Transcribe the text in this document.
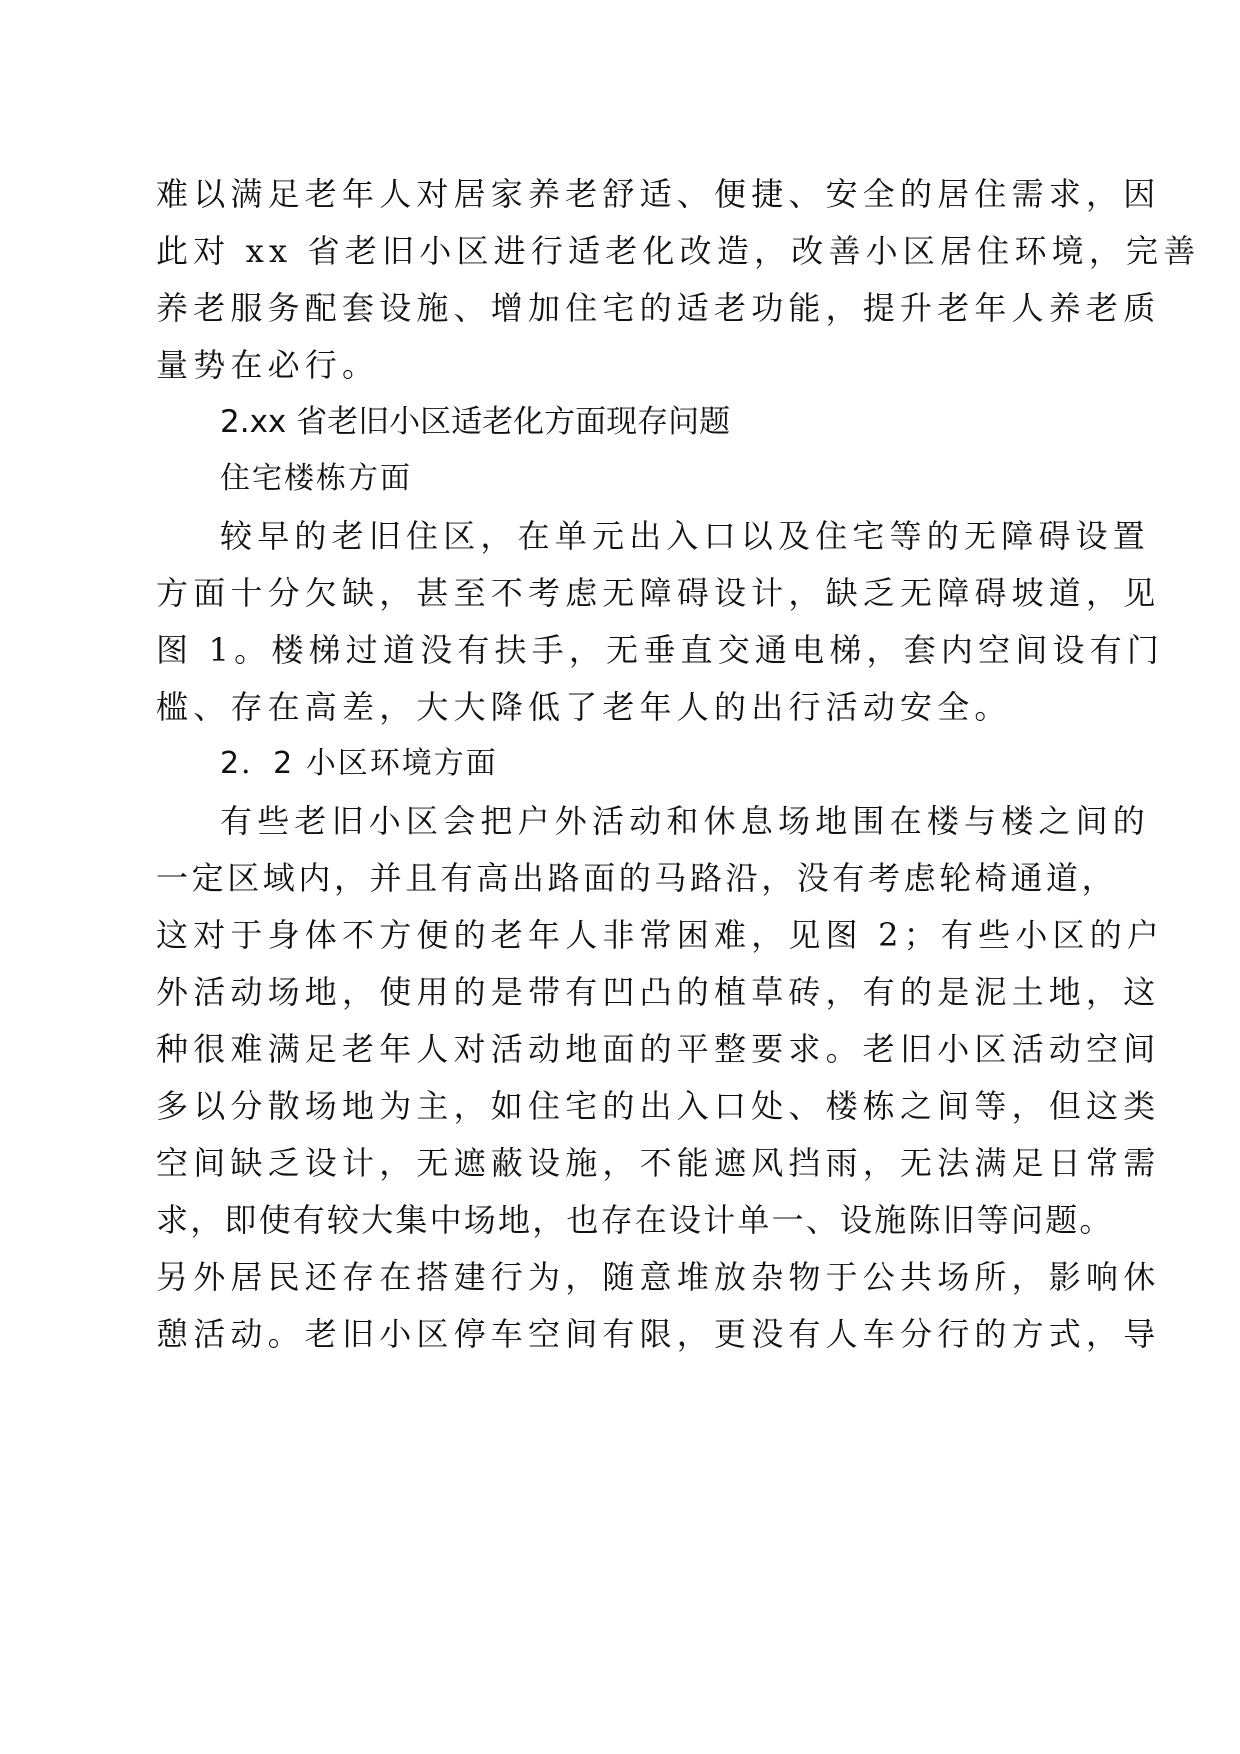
难以满足老年人对居家养老舒适、便捷、安全的居住需求，因
此对 xx 省老旧小区进行适老化改造，改善小区居住环境，完善
养老服务配套设施、增加住宅的适老功能，提升老年人养老质
量势在必行。
2.xx 省老旧小区适老化方面现存问题
住宅楼栋方面
较早的老旧住区，在单元出入口以及住宅等的无障碍设置
方面十分欠缺，甚至不考虑无障碍设计，缺乏无障碍坡道，见
图 1。楼梯过道没有扶手，无垂直交通电梯，套内空间设有门
槛、存在高差，大大降低了老年人的出行活动安全。
2．2 小区环境方面
有些老旧小区会把户外活动和休息场地围在楼与楼之间的
一定区域内，并且有高出路面的马路沿，没有考虑轮椅通道，
这对于身体不方便的老年人非常困难，见图 2；有些小区的户
外活动场地，使用的是带有凹凸的植草砖，有的是泥土地，这
种很难满足老年人对活动地面的平整要求。老旧小区活动空间
多以分散场地为主，如住宅的出入口处、楼栋之间等，但这类
空间缺乏设计，无遮蔽设施，不能遮风挡雨，无法满足日常需
求，即使有较大集中场地，也存在设计单一、设施陈旧等问题。
另外居民还存在搭建行为，随意堆放杂物于公共场所，影响休
憩活动。老旧小区停车空间有限，更没有人车分行的方式，导
